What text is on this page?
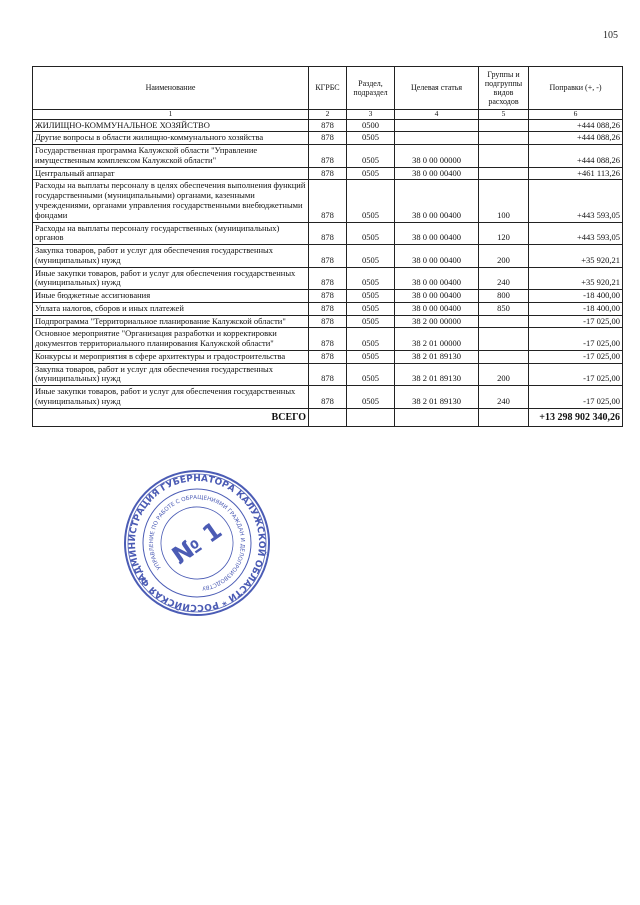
105
Наименование	КГРБС	Раздел, подраздел	Целевая статья	Группы и подгруппы видов расходов	Поправки (+, -)
1	2	3	4	5	6
ЖИЛИЩНО-КОММУНАЛЬНОЕ ХОЗЯЙСТВО	878	0500			+444 088,26
Другие вопросы в области жилищно-коммунального хозяйства	878	0505			+444 088,26
Государственная программа Калужской области "Управление имущественным комплексом Калужской области"	878	0505	38 0 00 00000		+444 088,26
Центральный аппарат	878	0505	38 0 00 00400		+461 113,26
Расходы на выплаты персоналу в целях обеспечения выполнения функций государственными (муниципальными) органами, казенными учреждениями, органами управления государственными внебюджетными фондами	878	0505	38 0 00 00400	100	+443 593,05
Расходы на выплаты персоналу государственных (муниципальных) органов	878	0505	38 0 00 00400	120	+443 593,05
Закупка товаров, работ и услуг для обеспечения государственных (муниципальных) нужд	878	0505	38 0 00 00400	200	+35 920,21
Иные закупки товаров, работ и услуг для обеспечения государственных (муниципальных) нужд	878	0505	38 0 00 00400	240	+35 920,21
Иные бюджетные ассигнования	878	0505	38 0 00 00400	800	-18 400,00
Уплата налогов, сборов и иных платежей	878	0505	38 0 00 00400	850	-18 400,00
Подпрограмма "Территориальное планирование Калужской области"	878	0505	38 2 00 00000		-17 025,00
Основное мероприятие "Организация разработки и корректировки документов территориального планирования Калужской области"	878	0505	38 2 01 00000		-17 025,00
Конкурсы и мероприятия в сфере архитектуры и градостроительства	878	0505	38 2 01 89130		-17 025,00
Закупка товаров, работ и услуг для обеспечения государственных (муниципальных) нужд	878	0505	38 2 01 89130	200	-17 025,00
Иные закупки товаров, работ и услуг для обеспечения государственных (муниципальных) нужд	878	0505	38 2 01 89130	240	-17 025,00
ВСЕГО					+13 298 902 340,26
АДМИНИСТРАЦИЯ ГУБЕРНАТОРА КАЛУЖСКОЙ ОБЛАСТИ * РОССИЙСКАЯ ФЕДЕРАЦИЯ
УПРАВЛЕНИЕ ПО РАБОТЕ С ОБРАЩЕНИЯМИ ГРАЖДАН И ДЕЛОПРОИЗВОДСТВУ
№ 1
